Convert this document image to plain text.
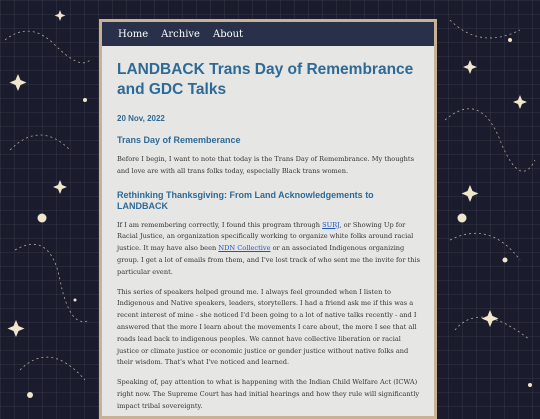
Home Archive About
LANDBACK Trans Day of Remembrance and GDC Talks
20 Nov, 2022
Trans Day of Rememberance

Before I begin, I want to note that today is the Trans Day of Remembrance. My thoughts and love are with all trans folks today, especially Black trans women.

Rethinking Thanksgiving: From Land Acknowledgements to LANDBACK

If I am remembering correctly, I found this program through SURJ, or Showing Up for Racial Justice, an organization specifically working to organize white folks around racial justice. It may have also been NDN Collective or an associated Indigenous organizing group. I get a lot of emails from them, and I've lost track of who sent me the invite for this particular event.

This series of speakers helped ground me. I always feel grounded when I listen to Indigenous and Native speakers, leaders, storytellers. I had a friend ask me if this was a recent interest of mine - she noticed I'd been going to a lot of native talks recently - and I answered that the more I learn about the movements I care about, the more I see that all roads lead back to indigenous peoples. We cannot have collective liberation or racial justice or climate justice or economic justice or gender justice without native folks and their wisdom. That's what I've noticed and learned.

Speaking of, pay attention to what is happening with the Indian Child Welfare Act (ICWA) right now. The Supreme Court has had initial hearings and how they rule will significantly impact tribal sovereignty.
